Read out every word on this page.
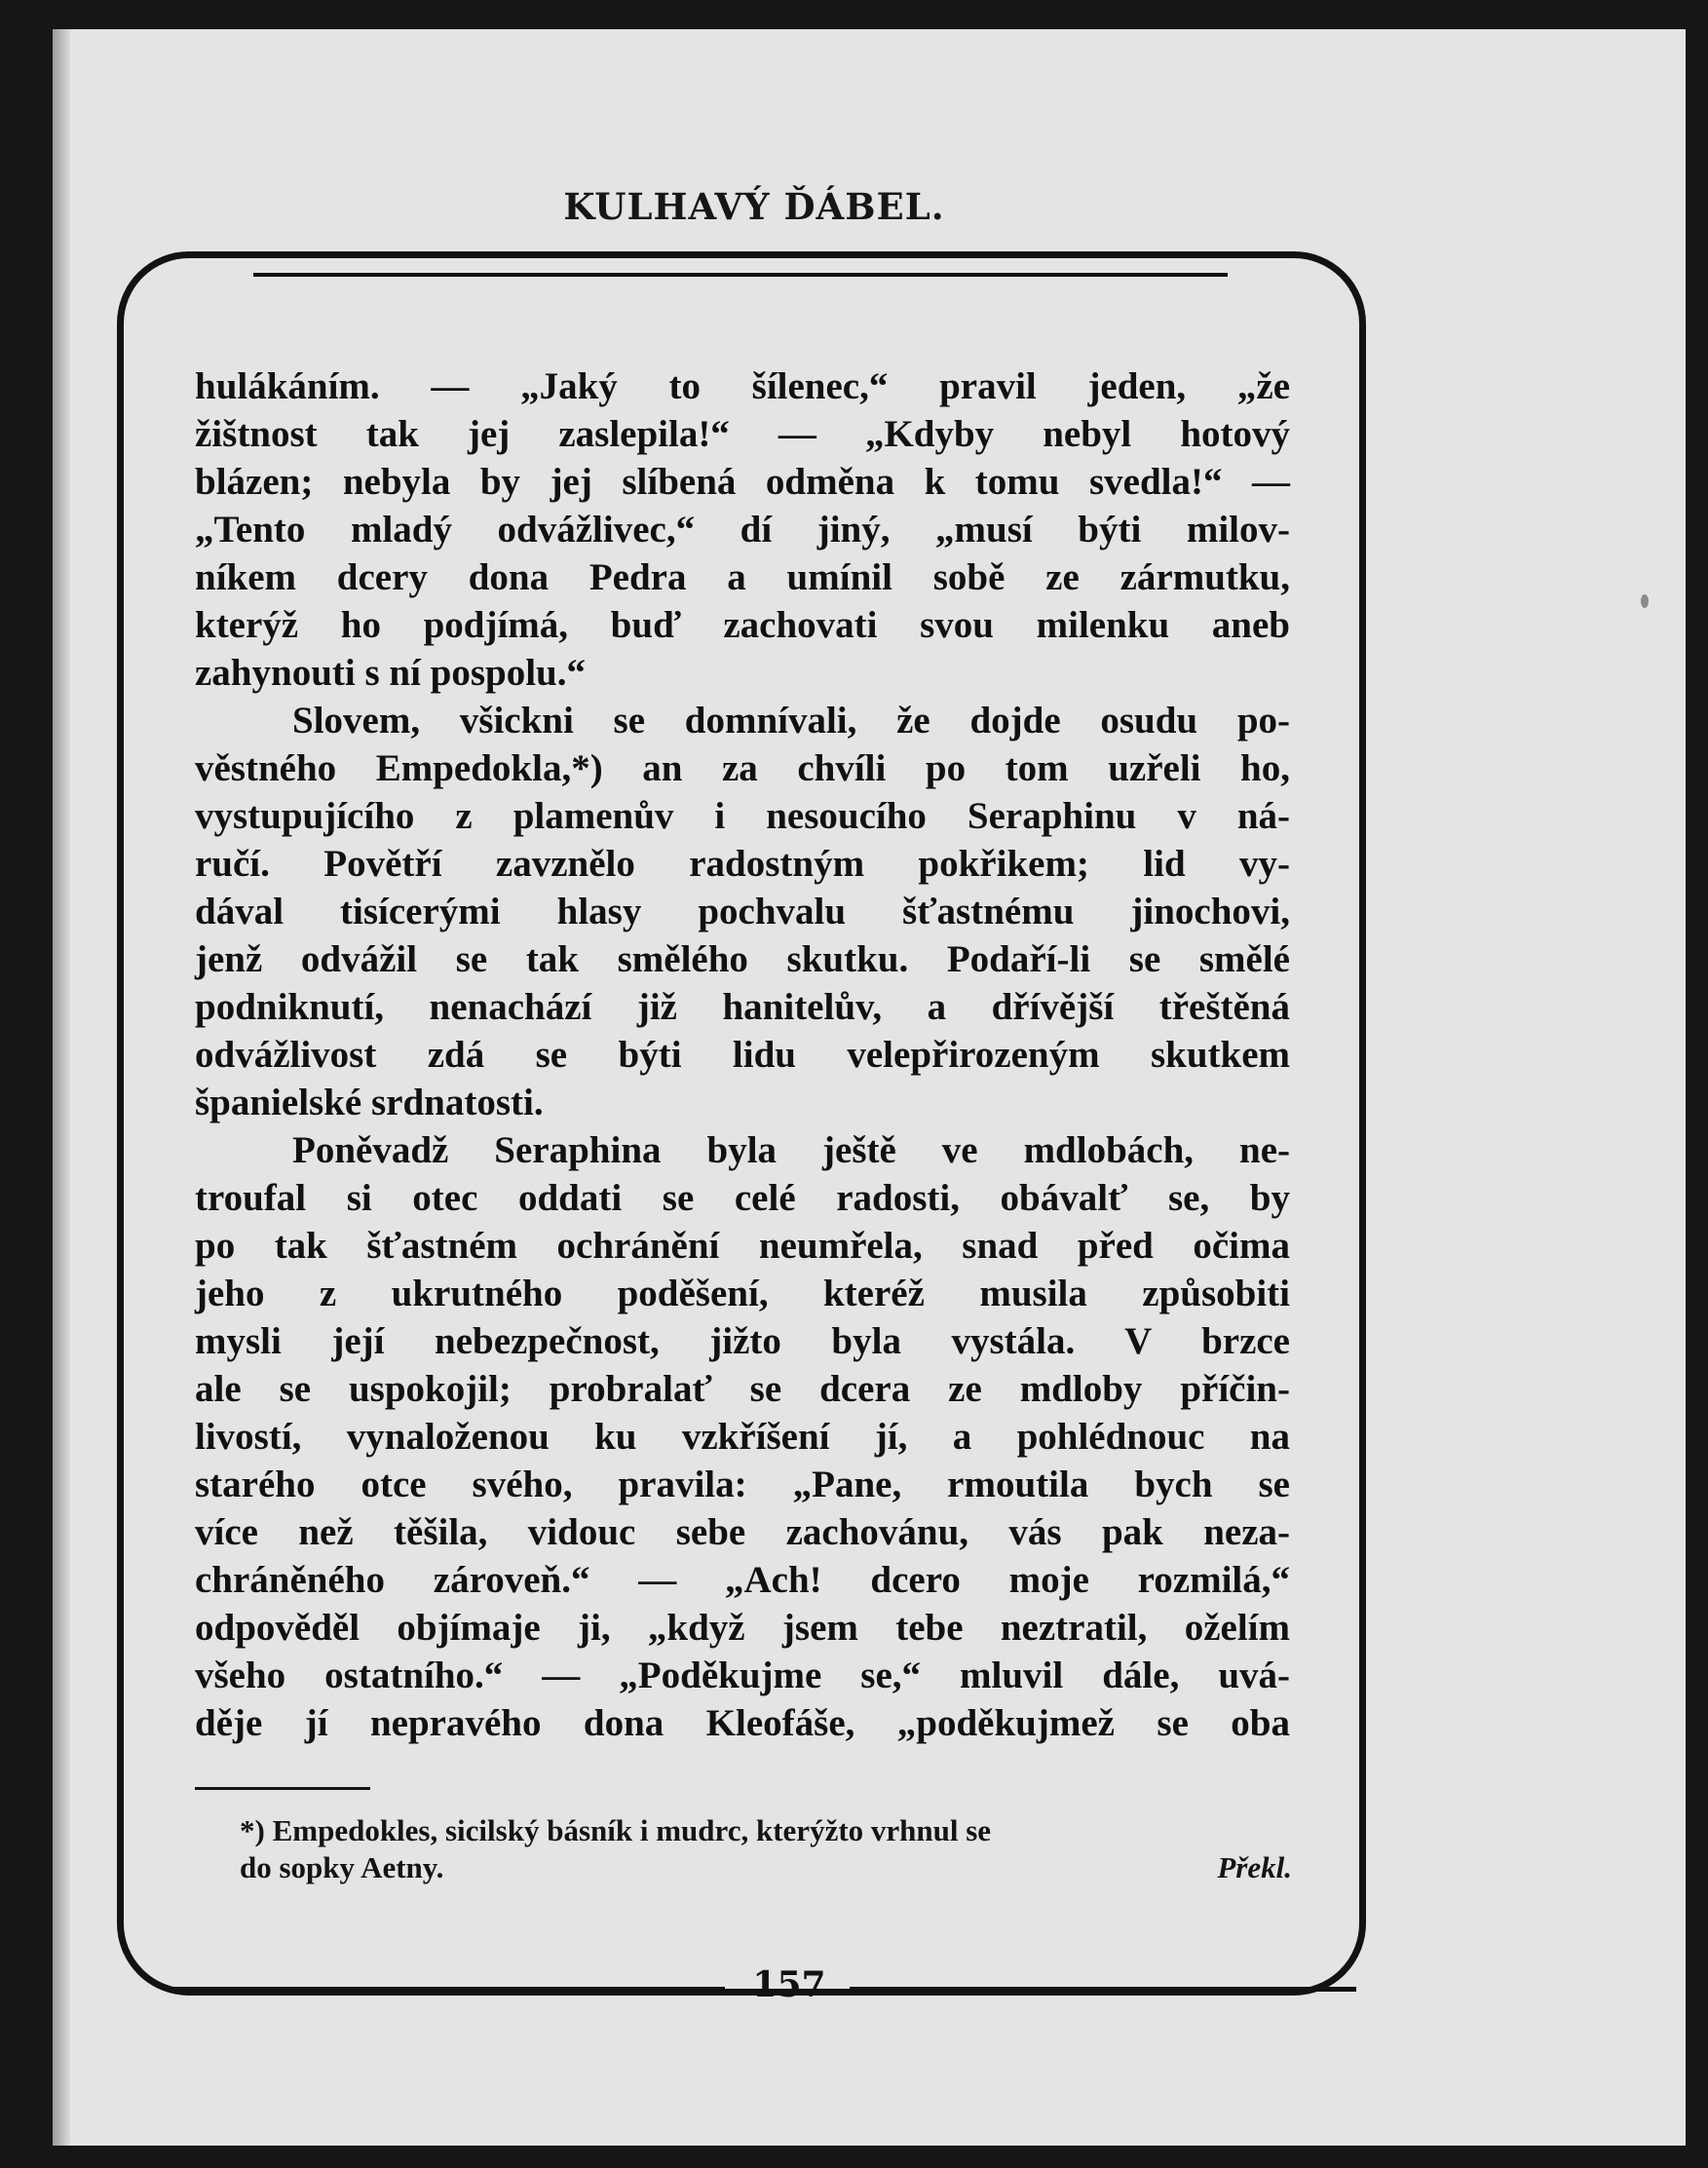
KULHAVÝ ĎÁBEL.

hulákáním. — „Jaký to šílenec,“ pravil jeden, „že
žištnost tak jej zaslepila!“ — „Kdyby nebyl hotový
blázen; nebyla by jej slíbená odměna k tomu svedla!“ —
„Tento mladý odvážlivec,“ dí jiný, „musí býti milov-
níkem dcery dona Pedra a umínil sobě ze zármutku,
kterýž ho podjímá, buď zachovati svou milenku aneb
zahynouti s ní pospolu.“

Slovem, všickni se domnívali, že dojde osudu po-
věstného Empedokla,*) an za chvíli po tom uzřeli ho,
vystupujícího z plamenův i nesoucího Seraphinu v ná-
ručí. Povětří zavznělo radostným pokřikem; lid vy-
dával tisícerými hlasy pochvalu šťastnému jinochovi,
jenž odvážil se tak smělého skutku. Podaří-li se smělé
podniknutí, nenachází již hanitelův, a dřívější třeštěná
odvážlivost zdá se býti lidu velepřirozeným skutkem
španielské srdnatosti.

Poněvadž Seraphina byla ještě ve mdlobách, ne-
troufal si otec oddati se celé radosti, obávalť se, by
po tak šťastném ochránění neumřela, snad před očima
jeho z ukrutného poděšení, kteréž musila způsobiti
mysli její nebezpečnost, jižto byla vystála. V brzce
ale se uspokojil; probralať se dcera ze mdloby příčin-
livostí, vynaloženou ku vzkříšení jí, a pohlédnouc na
starého otce svého, pravila: „Pane, rmoutila bych se
více než těšila, vidouc sebe zachovánu, vás pak neza-
chráněného zároveň.“ — „Ach! dcero moje rozmilá,“
odpověděl objímaje ji, „když jsem tebe neztratil, oželím
všeho ostatního.“ — „Poděkujme se,“ mluvil dále, uvá-
děje jí nepravého dona Kleofáše, „poděkujmež se oba

*) Empedokles, sicilský básník i mudrc, kterýžto vrhnul se
do sopky Aetny.	Překl.
157
